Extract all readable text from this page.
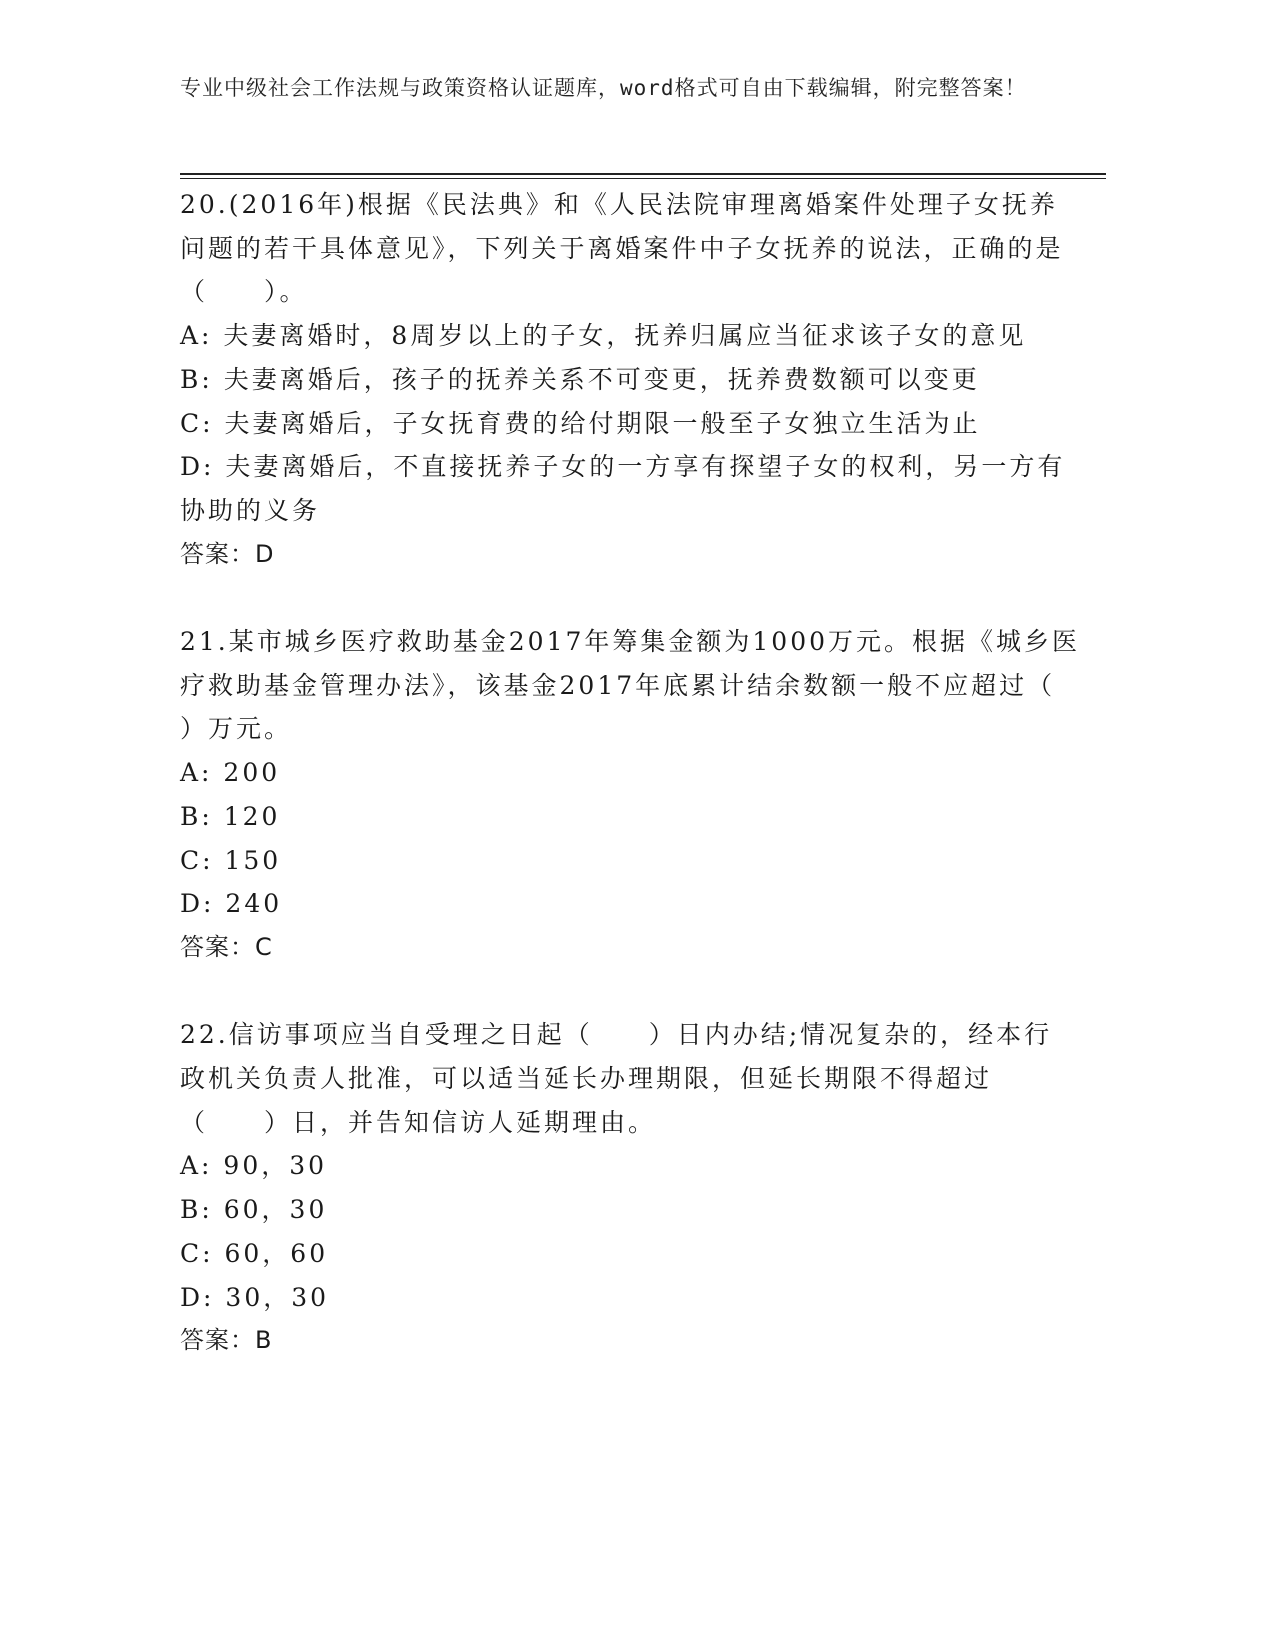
专业中级社会工作法规与政策资格认证题库，word格式可自由下载编辑，附完整答案！

20.(2016年)根据《民法典》和《人民法院审理离婚案件处理子女抚养问题的若干具体意见》，下列关于离婚案件中子女抚养的说法，正确的是（　　）。

A: 夫妻离婚时，8周岁以上的子女，抚养归属应当征求该子女的意见

B: 夫妻离婚后，孩子的抚养关系不可变更，抚养费数额可以变更

C: 夫妻离婚后，子女抚育费的给付期限一般至子女独立生活为止

D: 夫妻离婚后，不直接抚养子女的一方享有探望子女的权利，另一方有协助的义务

答案：D

21.某市城乡医疗救助基金2017年筹集金额为1000万元。根据《城乡医疗救助基金管理办法》，该基金2017年底累计结余数额一般不应超过（ ）万元。

A: 200

B: 120

C: 150

D: 240

答案：C

22.信访事项应当自受理之日起（　　）日内办结;情况复杂的，经本行政机关负责人批准，可以适当延长办理期限，但延长期限不得超过（　　）日，并告知信访人延期理由。

A: 90，30

B: 60，30

C: 60，60

D: 30，30

答案：B
